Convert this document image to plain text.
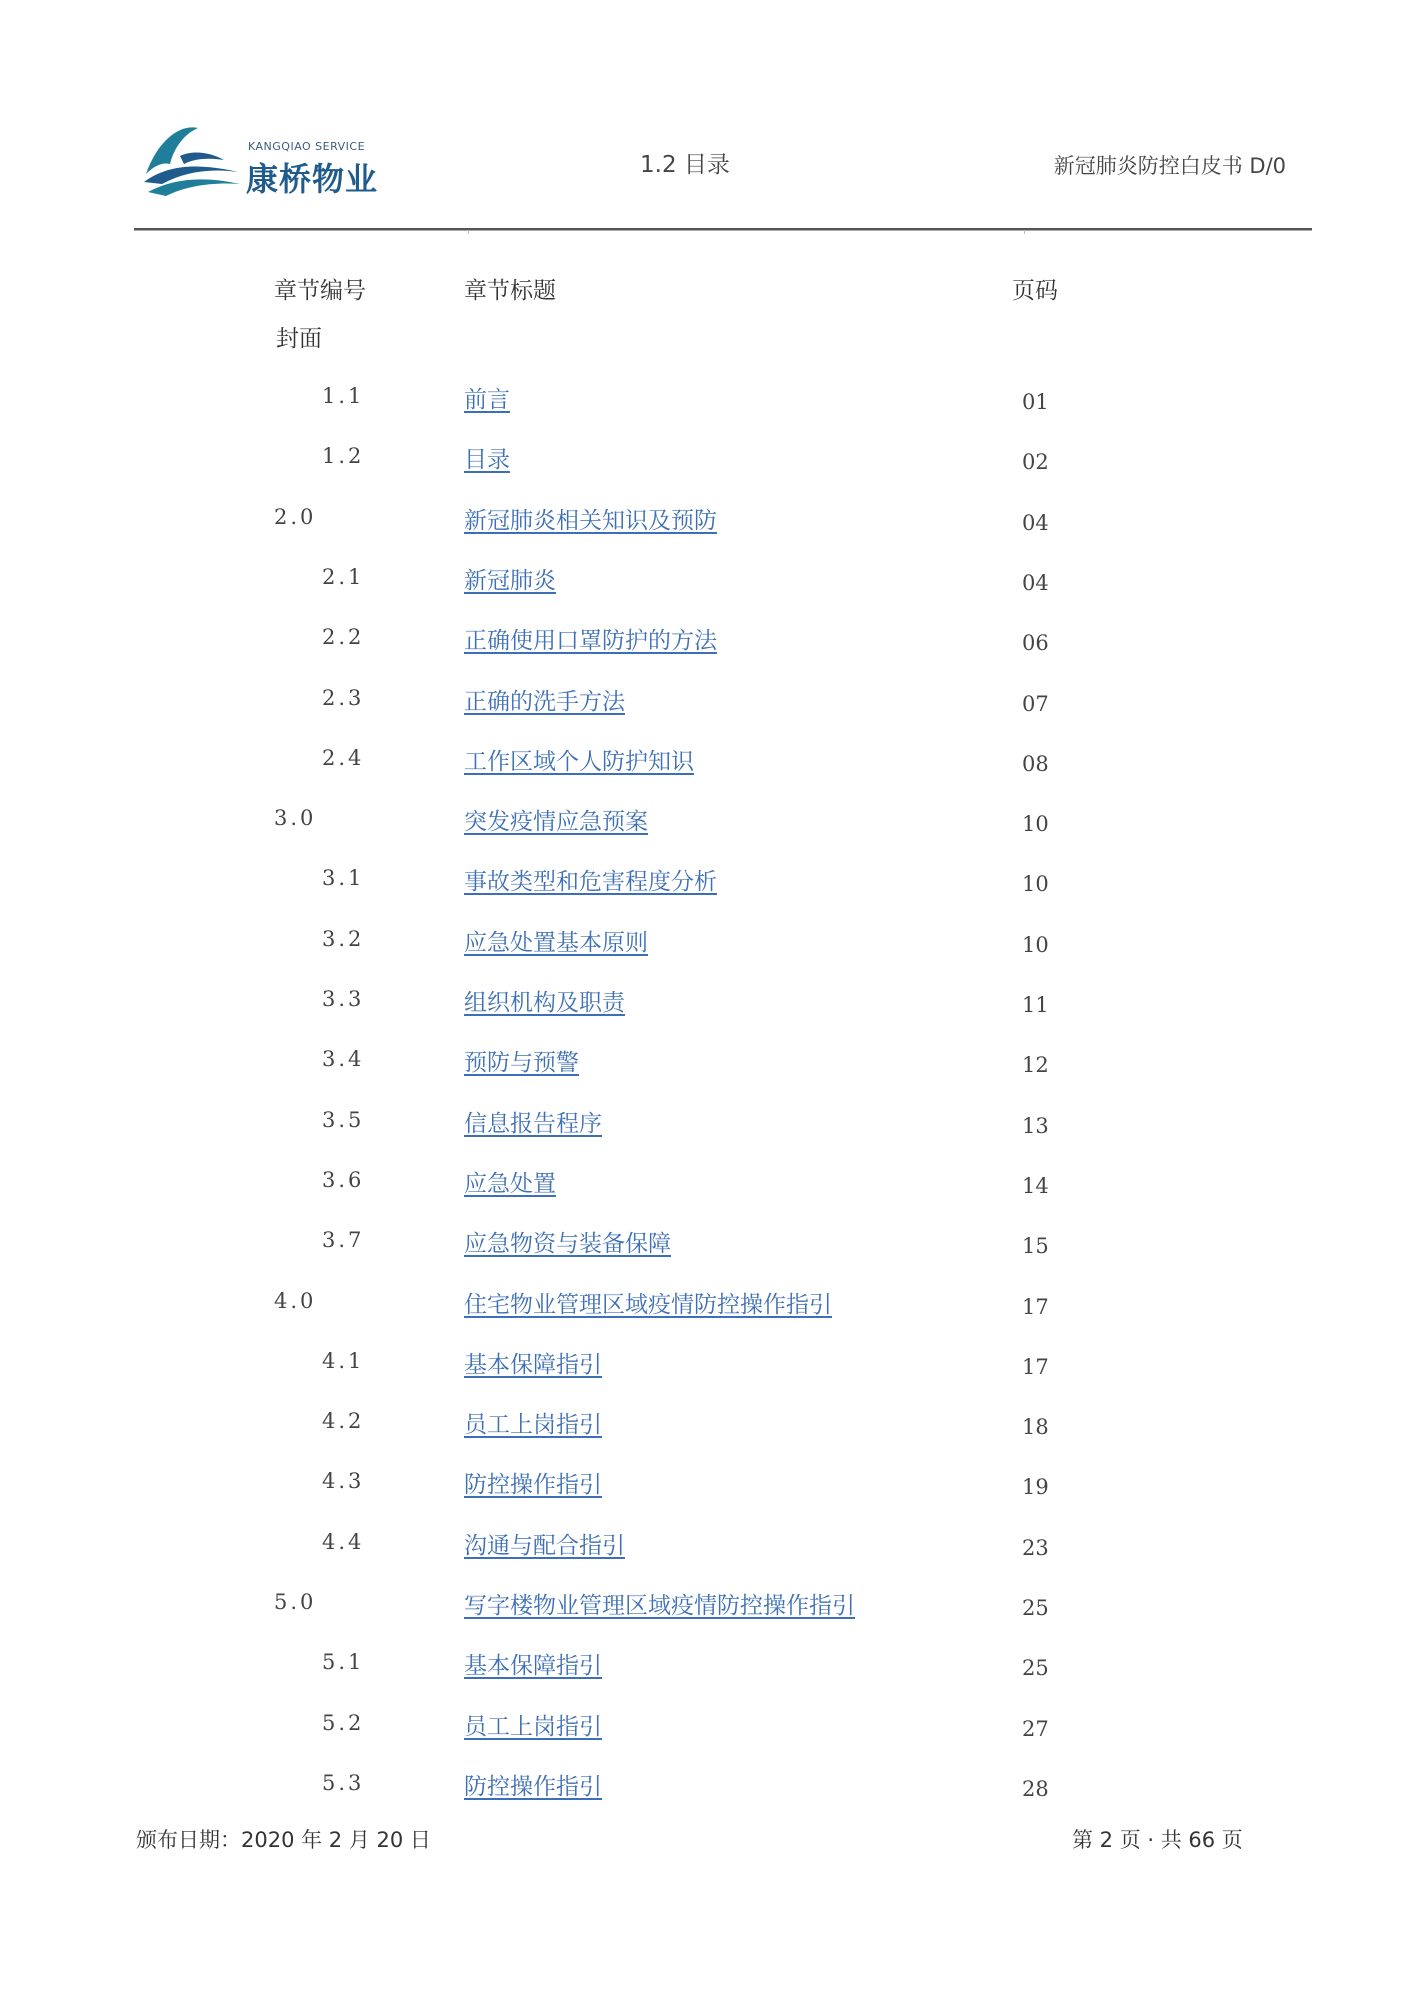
KANGQIAO SERVICE
康桥物业	1.2 目录	新冠肺炎防控白皮书 D/0
章节编号	章节标题	页码
封面
1.1	前言	01
1.2	目录	02
2.0	新冠肺炎相关知识及预防	04
2.1	新冠肺炎	04
2.2	正确使用口罩防护的方法	06
2.3	正确的洗手方法	07
2.4	工作区域个人防护知识	08
3.0	突发疫情应急预案	10
3.1	事故类型和危害程度分析	10
3.2	应急处置基本原则	10
3.3	组织机构及职责	11
3.4	预防与预警	12
3.5	信息报告程序	13
3.6	应急处置	14
3.7	应急物资与装备保障	15
4.0	住宅物业管理区域疫情防控操作指引	17
4.1	基本保障指引	17
4.2	员工上岗指引	18
4.3	防控操作指引	19
4.4	沟通与配合指引	23
5.0	写字楼物业管理区域疫情防控操作指引	25
5.1	基本保障指引	25
5.2	员工上岗指引	27
5.3	防控操作指引	28
颁布日期：2020 年 2 月 20 日	第 2 页 · 共 66 页
